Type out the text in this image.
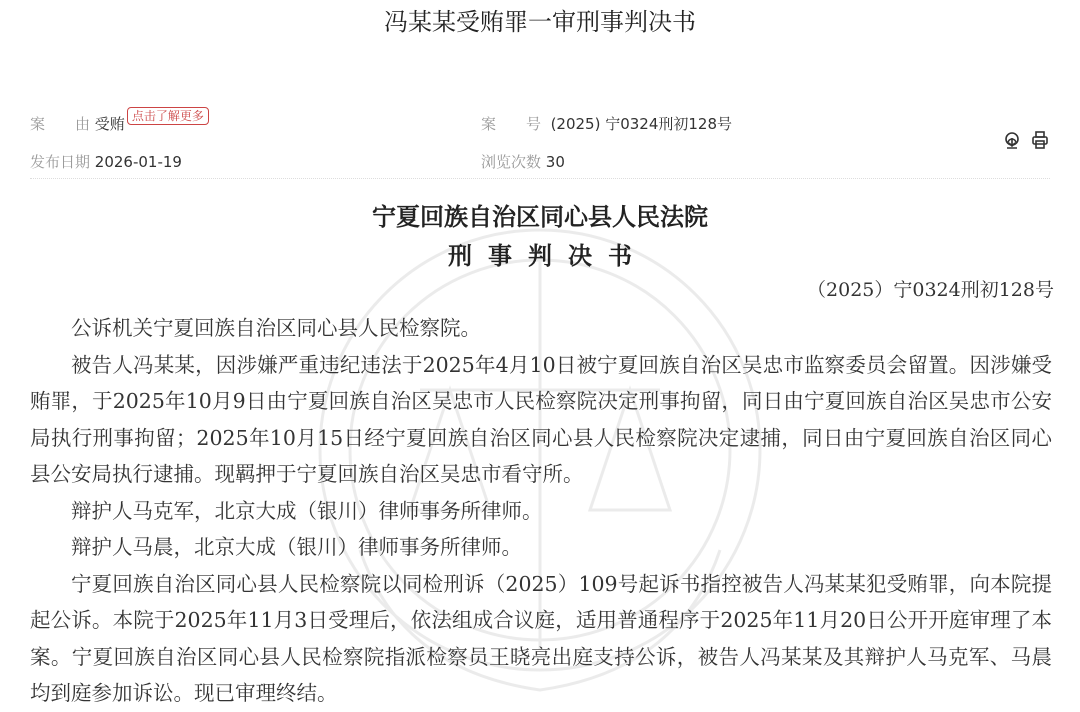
冯某某受贿罪一审刑事判决书
案　　由 受贿 点击了解更多	案　　号 (2025) 宁0324刑初128号
发布日期 2026-01-19	浏览次数 30
宁夏回族自治区同心县人民法院
刑事判决书
（2025）宁0324刑初128号

公诉机关宁夏回族自治区同心县人民检察院。

被告人冯某某，因涉嫌严重违纪违法于2025年4月10日被宁夏回族自治区吴忠市监察委员会留置。因涉嫌受贿罪，于2025年10月9日由宁夏回族自治区吴忠市人民检察院决定刑事拘留，同日由宁夏回族自治区吴忠市公安局执行刑事拘留；2025年10月15日经宁夏回族自治区同心县人民检察院决定逮捕，同日由宁夏回族自治区同心县公安局执行逮捕。现羁押于宁夏回族自治区吴忠市看守所。

辩护人马克军，北京大成（银川）律师事务所律师。

辩护人马晨，北京大成（银川）律师事务所律师。

宁夏回族自治区同心县人民检察院以同检刑诉（2025）109号起诉书指控被告人冯某某犯受贿罪，向本院提起公诉。本院于2025年11月3日受理后，依法组成合议庭，适用普通程序于2025年11月20日公开开庭审理了本案。宁夏回族自治区同心县人民检察院指派检察员王晓亮出庭支持公诉，被告人冯某某及其辩护人马克军、马晨均到庭参加诉讼。现已审理终结。
